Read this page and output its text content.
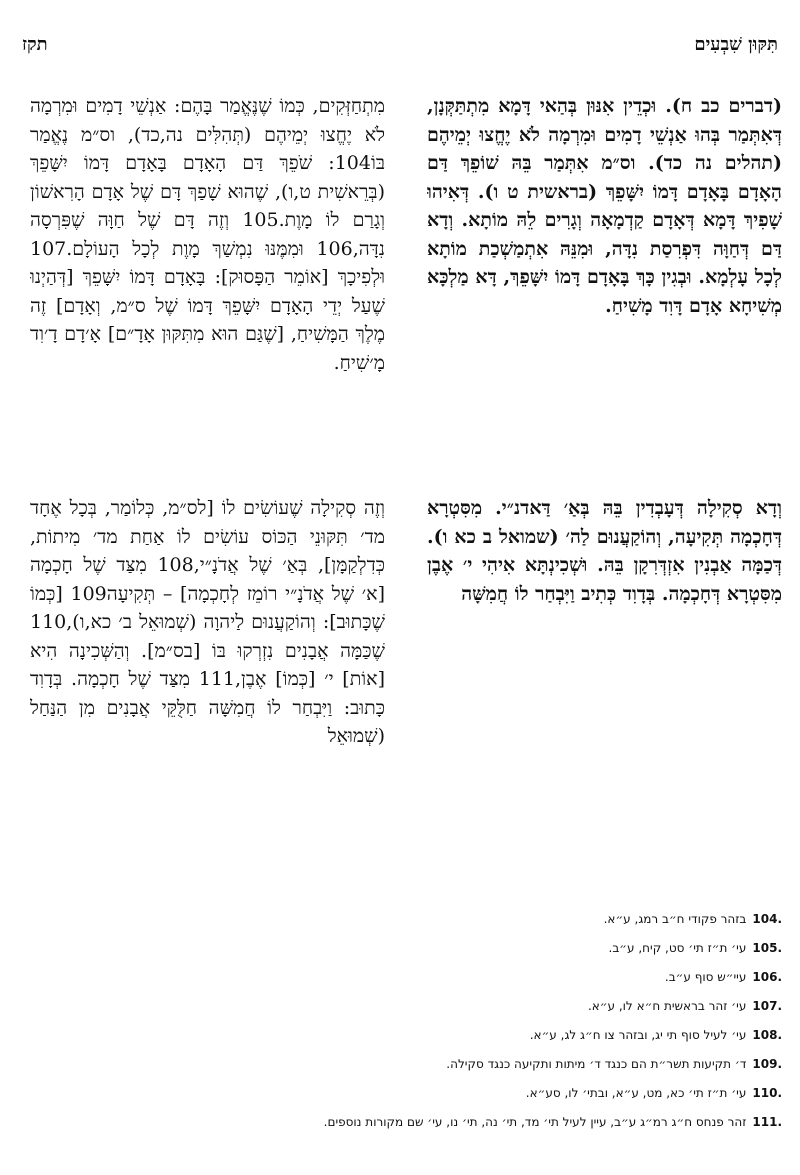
תִּקּוּן שִׁבְעִים
תקז
(דברים כב ח). וּכְדֵין אִנּוּן בְּהַאי דָּמָא מִתְתַּקְּנָן, דְּאִתְּמַר בְּהוּ אַנְשֵׁי דָמִים וּמִרְמָה לֹא יֶחֱצוּ יְמֵיהֶם (תהלים נה כד). וס״מ אִתְּמַר בֵּהּ שׁוֹפֵךְ דַּם הָאָדָם בָּאָדָם דָּמוֹ יִשָּׁפֵךְ (בראשית ט ו). דְּאִיהוּ שָׁפִיךְ דָּמָא דְּאָדָם קַדְמָאָה וְגָרִים לֵהּ מוֹתָא. וְדָא דַּם דְּחַוָּה דִּפְרִסַת נִדָּה, וּמִנֵּהּ אִתְמַשְׁכַת מוֹתָא לְכָל עָלְמָא. וּבְגִין כָּךְ בָּאָדָם דָּמוֹ יִשָּׁפֵךְ, דָּא מַלְכָּא מְשִׁיחָא אָדָם דָּוִד מָשִׁיחַ.
מִתְחַזְּקִים, כְּמוֹ שֶׁנֶּאֱמַר בָּהֶם: אַנְשֵׁי דָמִים וּמִרְמָה לֹא יֶחֱצוּ יְמֵיהֶם (תְּהִלִּים נה,כד), וס״מ נֶאֱמַר בּוֹ104: שֹׁפֵךְ דַּם הָאָדָם בָּאָדָם דָּמוֹ יִשָּׁפֵךְ (בְּרֵאשִׁית ט,ו), שֶׁהוּא שָׁפַךְ דָּם שֶׁל אָדָם הָרִאשׁוֹן וְגָרַם לוֹ מָוֶת.105 וְזֶה דָּם שֶׁל חַוָּה שֶׁפִּרְסָה נִדָּה,106 וּמִמֶּנּוּ נִמְשַׁךְ מָוֶת לְכָל הָעוֹלָם.107 וּלְפִיכָךְ [אוֹמֵר הַפָּסוּק]: בָּאָדָם דָּמוֹ יִשָּׁפֵךְ [דְּהַיְנוּ שֶׁעַל יְדֵי הָאָדָם יִשָּׁפֵךְ דָּמוֹ שֶׁל ס״מ, וְאָדָם] זֶה מֶלֶךְ הַמָּשִׁיחַ, [שֶׁגַּם הוּא מִתִּקּוּן אָדָ״ם] אָ׳דָם דָ׳וִד מָ׳שִׁיחַ.
וְדָא סְקִילָה דְּעָבְדִין בֵּהּ בְּאַ׳ דַּאדנ״י. מִסִּטְרָא דְּחָכְמָה תְּקִיעָה, וְהוֹקַעֲנוּם לַה׳ (שמואל ב כא ו). דְּכַמָּה אַבְנִין אִזְדְּרִקָן בֵּהּ. וּשְׁכִינְתָּא אִיהִי י׳ אֶבֶן מִסִּטְרָא דְּחָכְמָה. בְּדָוִד כְּתִיב וַיִּבְחַר לוֹ חֲמִשָּׁה
וְזֶה סְקִילָה שֶׁעוֹשִׂים לוֹ [לס״מ, כְּלוֹמַר, בְּכָל אֶחָד מד׳ תִּקּוּנֵי הַכּוֹס עוֹשִׂים לוֹ אַחַת מד׳ מִיתוֹת, כְּדִלְקַמָּן], בְּאַ׳ שֶׁל אֲדֹנָ״י,108 מִצַּד שֶׁל חָכְמָה [א׳ שֶׁל אֲדֹנָ״י רוֹמֵז לְחָכְמָה] – תְּקִיעָה109 [כְּמוֹ שֶׁכָּתוּב]: וְהוֹקַעֲנוּם לַיהוָה (שְׁמוּאֵל ב׳ כא,ו),110 שֶׁכַּמָּה אֲבָנִים נִזְרְקוּ בּוֹ [בס״מ]. וְהַשְּׁכִינָה הִיא [אוֹת] י׳ [כְּמוֹ] אֶבֶן,111 מִצַּד שֶׁל חָכְמָה. בְּדָוִד כָּתוּב: וַיִּבְחַר לוֹ חֲמִשָּׁה חַלֻּקֵּי אֲבָנִים מִן הַנַּחַל (שְׁמוּאֵל
.104
בזהר פקודי ח״ב רמג, ע״א.
.105
עי׳ ת״ז תי׳ סט, קיח, ע״ב.
.106
עיי״ש סוף ע״ב.
.107
עי׳ זהר בראשית ח״א לו, ע״א.
.108
עי׳ לעיל סוף תי יג, ובזהר צו ח״ג לג, ע״א.
.109
ד׳ תקיעות תשר״ת הם כנגד ד׳ מיתות ותקיעה כנגד סקילה.
.110
עי׳ ת״ז תי׳ כא, מט, ע״א, ובתי׳ לו, סע״א.
.111
זהר פנחס ח״ג רמ״ג ע״ב, עיין לעיל תי׳ מד, תי׳ נה, תי׳ נו, עי׳ שם מקורות נוספים.
